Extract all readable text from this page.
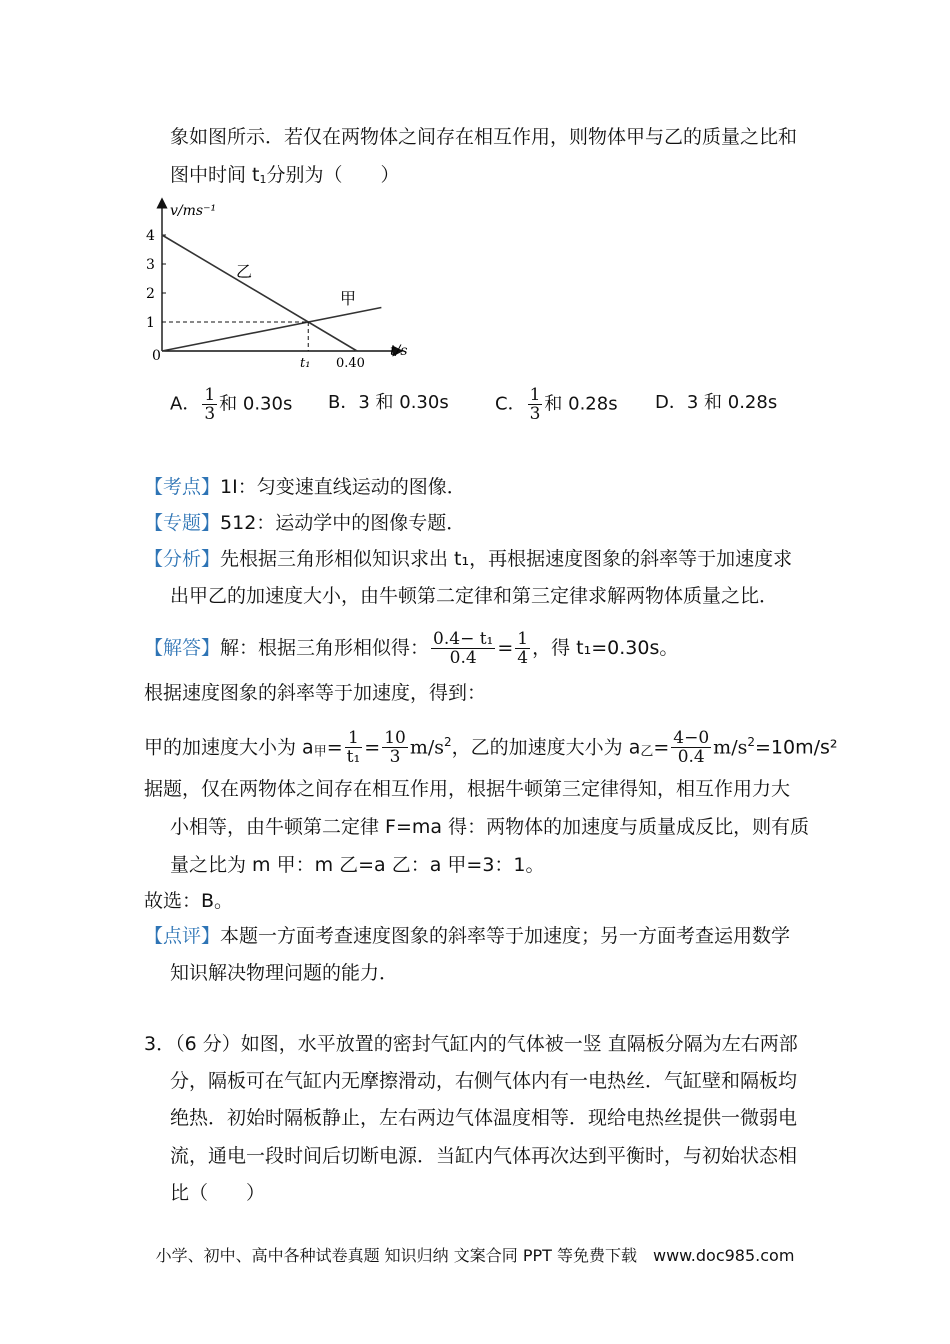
象如图所示．若仅在两物体之间存在相互作用，则物体甲与乙的质量之比和
图中时间 $t_1$分别为（　　）
v/ms⁻¹
t/s
0
1
2
3
4
t₁ 0.40
乙
甲
A． $\frac{1}{3}$ 和 0.30s B．3 和 0.30s	C． $\frac{1}{3}$ 和 0.28s D．3 和 0.28s
【考点】1I：匀变速直线运动的图像．
【专题】512：运动学中的图像专题．
【分析】先根据三角形相似知识求出 t₁，再根据速度图象的斜率等于加速度求
出甲乙的加速度大小，由牛顿第二定律和第三定律求解两物体质量之比．
【解答】解：根据三角形相似得： $\frac{\text{0.4− t₁}}{0.4} = \frac{1}{4}$ ，得 t₁=0.30s。
根据速度图象的斜率等于加速度，得到：
甲的加速度大小为 $a_甲= \frac{1}{\text{t₁}} = \frac{10}{3} m/s^2$，乙的加速度大小为 $a_乙= \frac{4-0}{0.4} m/s^2=10m/s^2$
据题，仅在两物体之间存在相互作用，根据牛顿第三定律得知，相互作用力大
小相等，由牛顿第二定律 F=ma 得：两物体的加速度与质量成反比，则有质
量之比为 m 甲：m 乙=a 乙：a 甲=3：1。
故选：B。
【点评】本题一方面考查速度图象的斜率等于加速度；另一方面考查运用数学
知识解决物理问题的能力．
3．（6 分）如图，水平放置的密封气缸内的气体被一竖 直隔板分隔为左右两部
分，隔板可在气缸内无摩擦滑动，右侧气体内有一电热丝．气缸壁和隔板均
绝热．初始时隔板静止，左右两边气体温度相等．现给电热丝提供一微弱电
流，通电一段时间后切断电源．当缸内气体再次达到平衡时，与初始状态相
比（　　）
小学、初中、高中各种试卷真题 知识归纳 文案合同 PPT 等免费下载　www.doc985.com
